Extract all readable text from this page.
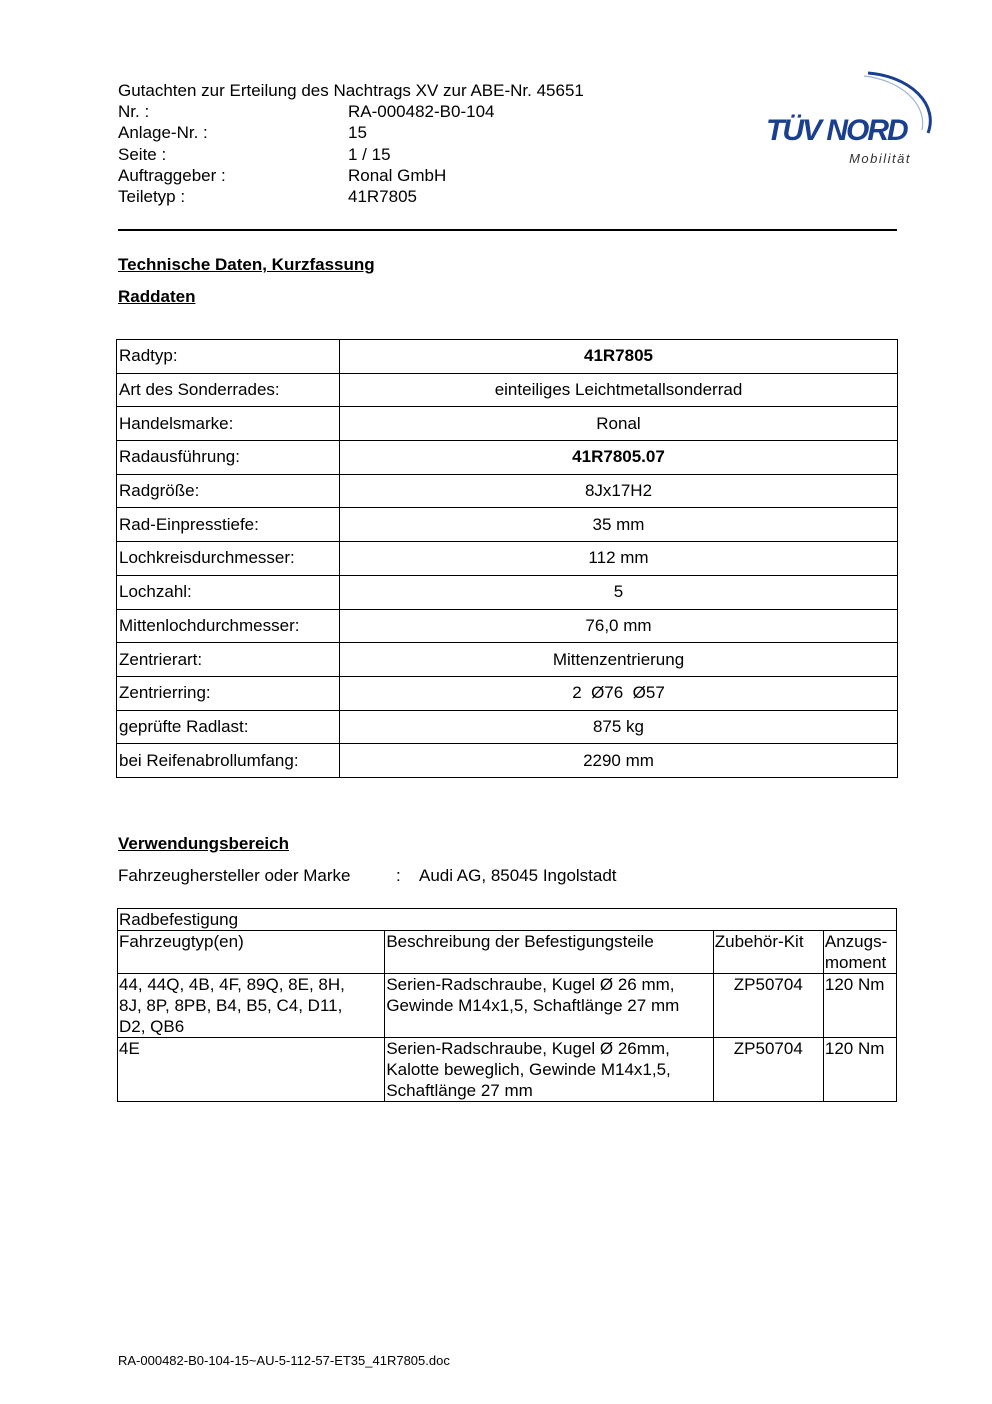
Gutachten zur Erteilung des Nachtrags XV zur ABE-Nr. 45651
Nr. :	RA-000482-B0-104
Anlage-Nr. :	15
Seite :	1 / 15
Auftraggeber :	Ronal GmbH
Teiletyp :	41R7805
TÜV NORD
Mobilität
Technische Daten, Kurzfassung
Raddaten
Radtyp:	41R7805
Art des Sonderrades:	einteiliges Leichtmetallsonderrad
Handelsmarke:	Ronal
Radausführung:	41R7805.07
Radgröße:	8Jx17H2
Rad-Einpresstiefe:	35 mm
Lochkreisdurchmesser:	112 mm
Lochzahl:	5
Mittenlochdurchmesser:	76,0 mm
Zentrierart:	Mittenzentrierung
Zentrierring:	2  Ø76  Ø57
geprüfte Radlast:	875 kg
bei Reifenabrollumfang:	2290 mm
Verwendungsbereich
Fahrzeughersteller oder Marke	: Audi AG, 85045 Ingolstadt
Radbefestigung			
Fahrzeugtyp(en)	Beschreibung der Befestigungsteile	Zubehör-Kit	Anzugs-
moment
44, 44Q, 4B, 4F, 89Q, 8E, 8H,
8J, 8P, 8PB, B4, B5, C4, D11,
D2, QB6	Serien-Radschraube, Kugel Ø 26 mm,
Gewinde M14x1,5, Schaftlänge 27 mm	ZP50704	120 Nm
4E	Serien-Radschraube, Kugel Ø 26mm,
Kalotte beweglich, Gewinde M14x1,5,
Schaftlänge 27 mm	ZP50704	120 Nm
RA-000482-B0-104-15~AU-5-112-57-ET35_41R7805.doc
